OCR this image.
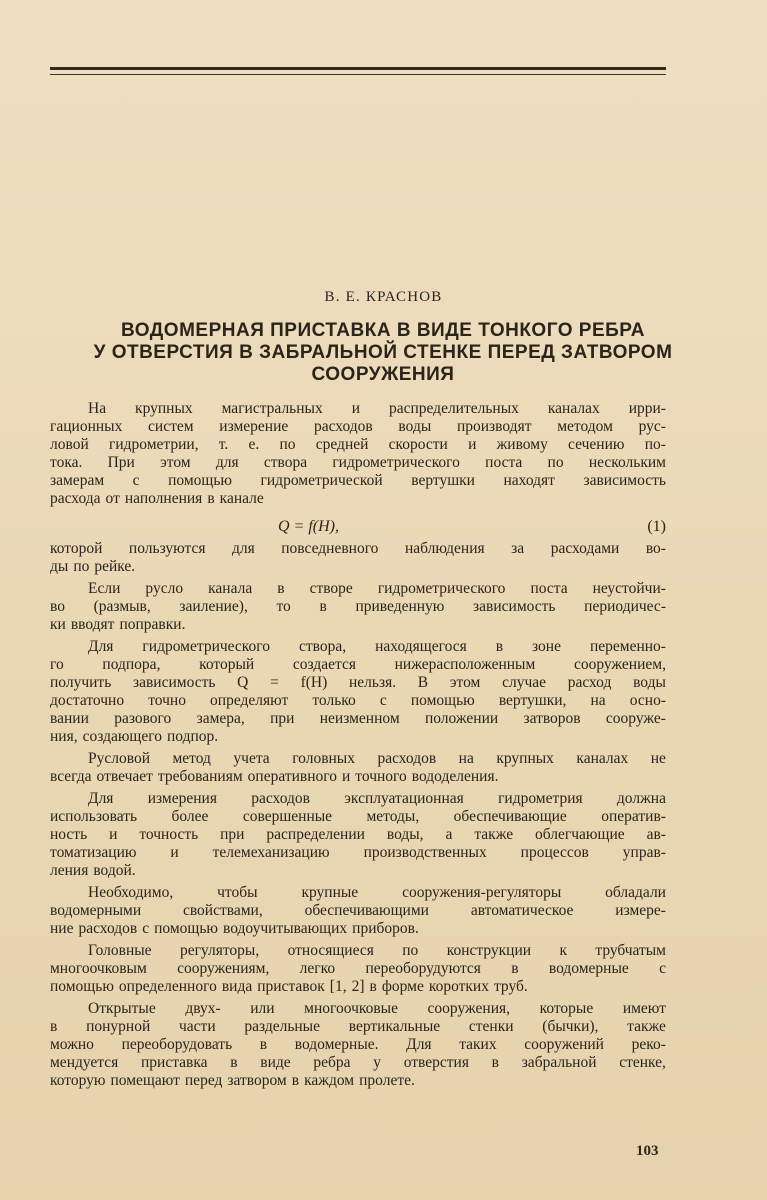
В. Е. КРАСНОВ
ВОДОМЕРНАЯ ПРИСТАВКА В ВИДЕ ТОНКОГО РЕБРА
У ОТВЕРСТИЯ В ЗАБРАЛЬНОЙ СТЕНКЕ ПЕРЕД ЗАТВОРОМ
СООРУЖЕНИЯ
На крупных магистральных и распределительных каналах ирри-
гационных систем измерение расходов воды производят методом рус-
ловой гидрометрии, т. е. по средней скорости и живому сечению по-
тока. При этом для створа гидрометрического поста по нескольким
замерам с помощью гидрометрической вертушки находят зависимость
расхода от наполнения в канале
Q = f(H),	(1)
которой пользуются для повседневного наблюдения за расходами во-
ды по рейке.
Если русло канала в створе гидрометрического поста неустойчи-
во (размыв, заиление), то в приведенную зависимость периодичес-
ки вводят поправки.
Для гидрометрического створа, находящегося в зоне переменно-
го подпора, который создается нижерасположенным сооружением,
получить зависимость Q = f(H) нельзя. В этом случае расход воды
достаточно точно определяют только с помощью вертушки, на осно-
вании разового замера, при неизменном положении затворов сооруже-
ния, создающего подпор.
Русловой метод учета головных расходов на крупных каналах не
всегда отвечает требованиям оперативного и точного вододеления.
Для измерения расходов эксплуатационная гидрометрия должна
использовать более совершенные методы, обеспечивающие оператив-
ность и точность при распределении воды, а также облегчающие ав-
томатизацию и телемеханизацию производственных процессов управ-
ления водой.
Необходимо,	чтобы	крупные	сооружения-регуляторы	обладали
водомерными	свойствами,	обеспечивающими	автоматическое	измере-
ние расходов с помощью водоучитывающих приборов.
Головные регуляторы, относящиеся по конструкции к трубчатым
многоочковым сооружениям, легко переоборудуются в водомерные с
помощью определенного вида приставок [1, 2] в форме коротких труб.
Открытые двух- или многоочковые сооружения, которые имеют
в понурной части раздельные вертикальные стенки (бычки), также
можно переоборудовать в водомерные. Для таких сооружений реко-
мендуется приставка в виде ребра у отверстия в забральной стенке,
которую помещают перед затвором в каждом пролете.
103
